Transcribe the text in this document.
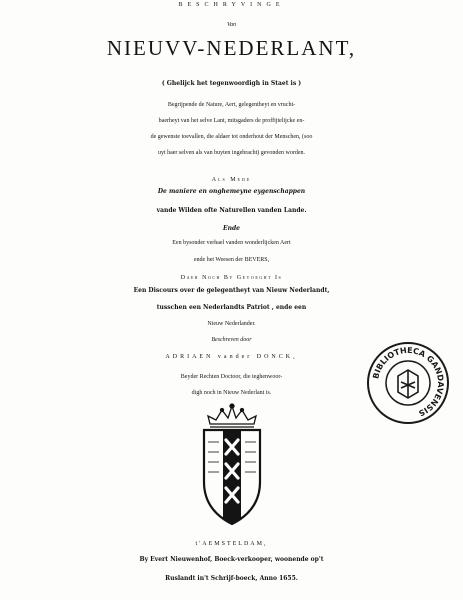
BESCHRYVINGE
Van
NIEUVV-NEDERLANT,
( Ghelijck het tegenwoordigh in Staet is )
Begrijpende de Nature, Aert, gelegentheyt en vrucht-
baerheyt van het selve Lant, mitsgaders de proffijtelijcke en-
de gewenste toevallen, die aldaer tot onderhout der Menschen, (soo
uyt haer selven als van buyten ingebracht) gevonden worden.
Als Mede
De maniere en onghemeyne eygenschappen
vande Wilden ofte Naturellen vanden Lande.
Ende
Een bysonder verhael vanden wonderlijcken Aert
ende het Weesen der BEVERS,
Daer Noch By Gevoeght Is
Een Discours over de gelegentheyt van Nieuw Nederlandt,
tusschen een Nederlandts Patriot , ende een
Nieuw Nederlander.
Beschreven door
ADRIAEN vander DONCK,
Beyder Rechten Doctoor, die teghenwoor-
digh noch in Nieuw Nederlant is.
BIBLIOTHECA GANDAVENSIS
t'AEMSTELDAM,
By Evert Nieuwenhof, Boeck-verkooper, woonende op't
Ruslandt in't Schrijf-boeck, Anno 1655.
